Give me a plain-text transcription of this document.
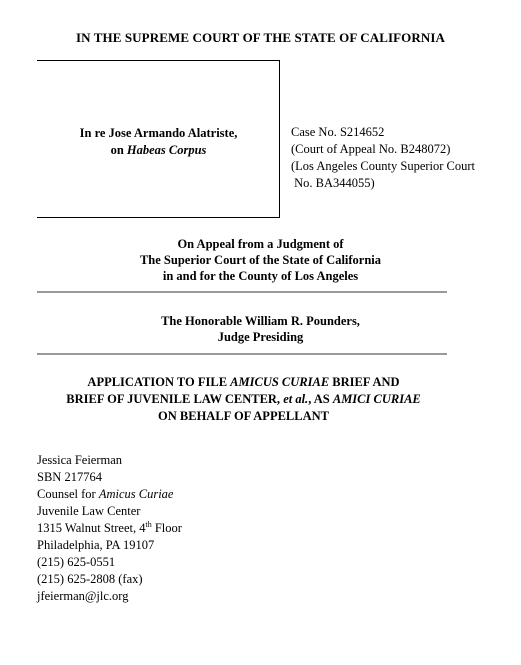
IN THE SUPREME COURT OF THE STATE OF CALIFORNIA
In re Jose Armando Alatriste,
on Habeas Corpus
Case No. S214652
(Court of Appeal No. B248072)
(Los Angeles County Superior Court
No. BA344055)
On Appeal from a Judgment of
The Superior Court of the State of California
in and for the County of Los Angeles
The Honorable William R. Pounders,
Judge Presiding
APPLICATION TO FILE AMICUS CURIAE BRIEF AND
BRIEF OF JUVENILE LAW CENTER, et al., AS AMICI CURIAE
ON BEHALF OF APPELLANT
Jessica Feierman
SBN 217764
Counsel for Amicus Curiae
Juvenile Law Center
1315 Walnut Street, 4th Floor
Philadelphia, PA 19107
(215) 625-0551
(215) 625-2808 (fax)
jfeierman@jlc.org
